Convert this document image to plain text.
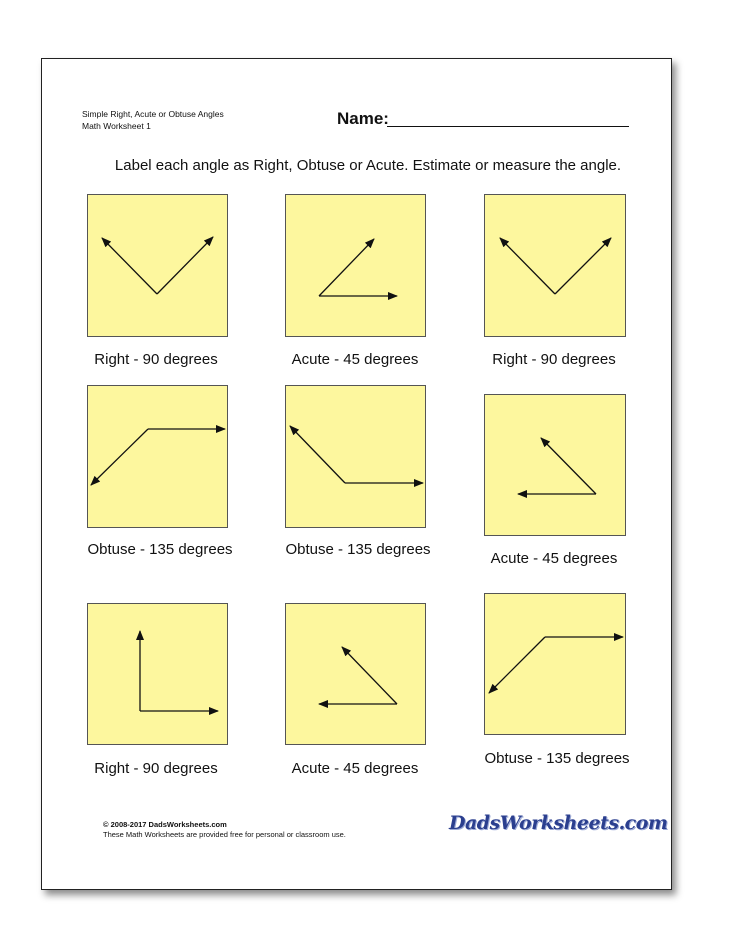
Simple Right, Acute or Obtuse Angles
Math Worksheet 1	Name:
Label each angle as Right, Obtuse or Acute. Estimate or measure the angle.
Right - 90 degrees	Acute - 45 degrees	Right - 90 degrees
Obtuse - 135 degrees	Obtuse - 135 degrees
Acute - 45 degrees
Right - 90 degrees	Acute - 45 degrees
Obtuse - 135 degrees
© 2008-2017 DadsWorksheets.com
These Math Worksheets are provided free for personal or classroom use.
DadsWorksheets.com
